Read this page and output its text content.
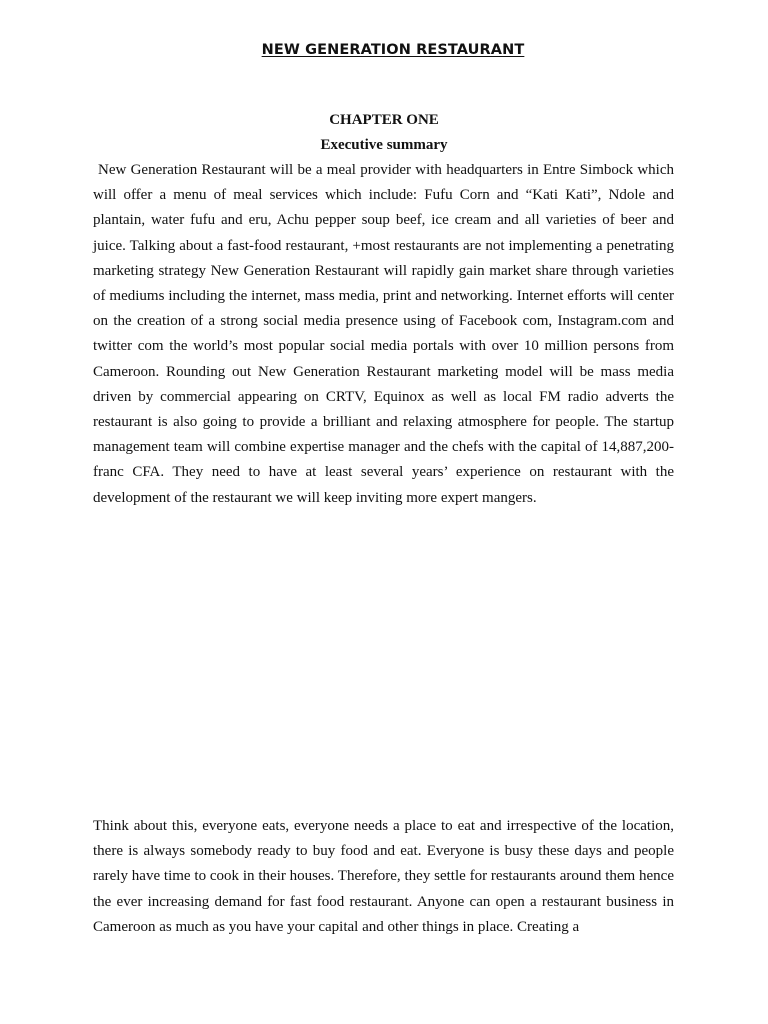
NEW GENERATION RESTAURANT
CHAPTER ONE
Executive summary

New Generation Restaurant will be a meal provider with headquarters in Entre Simbock which will offer a menu of meal services which include: Fufu Corn and “Kati Kati”, Ndole and plantain, water fufu and eru, Achu pepper soup beef, ice cream and all varieties of beer and juice. Talking about a fast-food restaurant, +most restaurants are not implementing a penetrating marketing strategy New Generation Restaurant will rapidly gain market share through varieties of mediums including the internet, mass media, print and networking. Internet efforts will center on the creation of a strong social media presence using of Facebook com, Instagram.com and twitter com the world’s most popular social media portals with over 10 million persons from Cameroon. Rounding out New Generation Restaurant marketing model will be mass media driven by commercial appearing on CRTV, Equinox as well as local FM radio adverts the restaurant is also going to provide a brilliant and relaxing atmosphere for people. The startup management team will combine expertise manager and the chefs with the capital of 14,887,200-franc CFA. They need to have at least several years’ experience on restaurant with the development of the restaurant we will keep inviting more expert mangers.

Think about this, everyone eats, everyone needs a place to eat and irrespective of the location, there is always somebody ready to buy food and eat. Everyone is busy these days and people rarely have time to cook in their houses. Therefore, they settle for restaurants around them hence the ever increasing demand for fast food restaurant. Anyone can open a restaurant business in Cameroon as much as you have your capital and other things in place. Creating a
